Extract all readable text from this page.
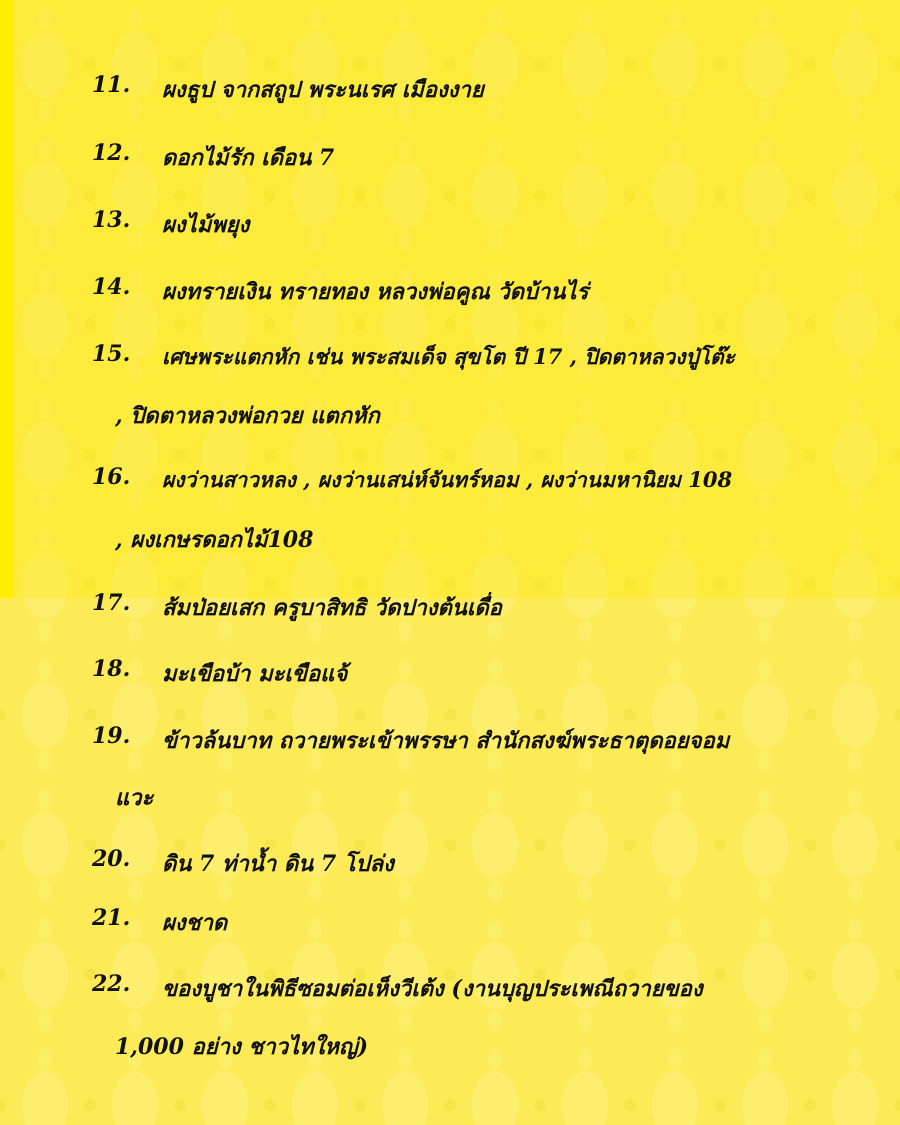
11. ผงธูป จากสถูป พระนเรศ เมืองงาย
12. ดอกไม้รัก เดือน 7
13. ผงไม้พยุง
14. ผงทรายเงิน ทรายทอง หลวงพ่อคูณ วัดบ้านไร่
15. เศษพระแตกหัก เช่น พระสมเด็จ สุขโต ปี 17 , ปิดตาหลวงปู่โต๊ะ
, ปิดตาหลวงพ่อกวย แตกหัก
16. ผงว่านสาวหลง , ผงว่านเสน่ห์จันทร์หอม , ผงว่านมหานิยม 108
, ผงเกษรดอกไม้108
17. ส้มป่อยเสก ครูบาสิทธิ วัดปางต้นเดื่อ
18. มะเขือบ้า มะเขือแจ้
19. ข้าวล้นบาท ถวายพระเข้าพรรษา สำนักสงฆ์พระธาตุดอยจอม
แวะ
20. ดิน 7 ท่าน้ำ ดิน 7 โปล่ง
21. ผงชาด
22. ของบูชาในพิธีซอมต่อเห็งวีเต้ง (งานบุญประเพณีถวายของ
1,000 อย่าง ชาวไทใหญ่)
